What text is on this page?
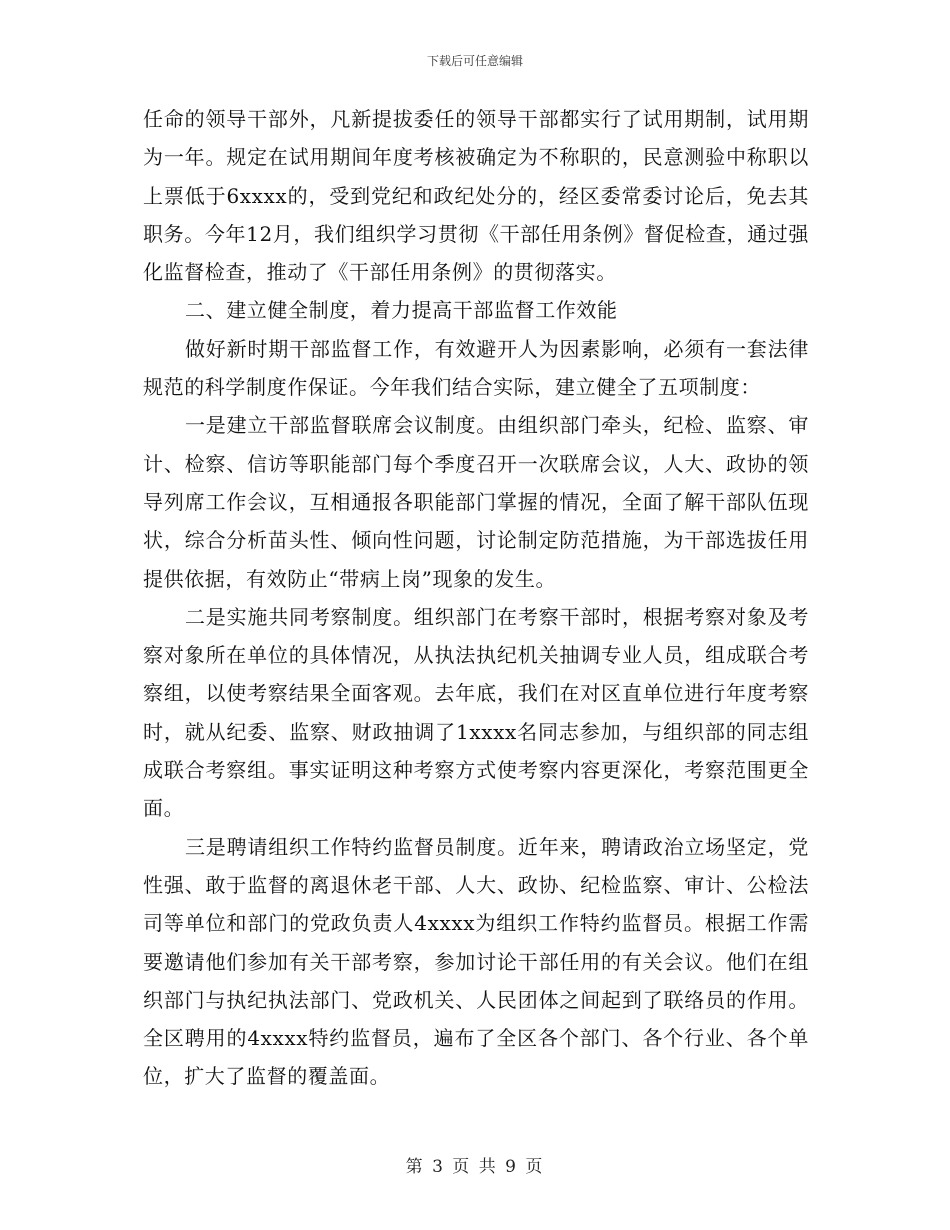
下载后可任意编辑

任命的领导干部外，凡新提拔委任的领导干部都实行了试用期制，试用期为一年。规定在试用期间年度考核被确定为不称职的，民意测验中称职以上票低于6xxxx的，受到党纪和政纪处分的，经区委常委讨论后，免去其职务。今年12月，我们组织学习贯彻《干部任用条例》督促检查，通过强化监督检查，推动了《干部任用条例》的贯彻落实。

二、建立健全制度，着力提高干部监督工作效能

做好新时期干部监督工作，有效避开人为因素影响，必须有一套法律规范的科学制度作保证。今年我们结合实际，建立健全了五项制度：

一是建立干部监督联席会议制度。由组织部门牵头，纪检、监察、审计、检察、信访等职能部门每个季度召开一次联席会议，人大、政协的领导列席工作会议，互相通报各职能部门掌握的情况，全面了解干部队伍现状，综合分析苗头性、倾向性问题，讨论制定防范措施，为干部选拔任用提供依据，有效防止“带病上岗”现象的发生。

二是实施共同考察制度。组织部门在考察干部时，根据考察对象及考察对象所在单位的具体情况，从执法执纪机关抽调专业人员，组成联合考察组，以使考察结果全面客观。去年底，我们在对区直单位进行年度考察时，就从纪委、监察、财政抽调了1xxxx名同志参加，与组织部的同志组成联合考察组。事实证明这种考察方式使考察内容更深化，考察范围更全面。

三是聘请组织工作特约监督员制度。近年来，聘请政治立场坚定，党性强、敢于监督的离退休老干部、人大、政协、纪检监察、审计、公检法司等单位和部门的党政负责人4xxxx为组织工作特约监督员。根据工作需要邀请他们参加有关干部考察，参加讨论干部任用的有关会议。他们在组织部门与执纪执法部门、党政机关、人民团体之间起到了联络员的作用。全区聘用的4xxxx特约监督员，遍布了全区各个部门、各个行业、各个单位，扩大了监督的覆盖面。

第 3 页 共 9 页
